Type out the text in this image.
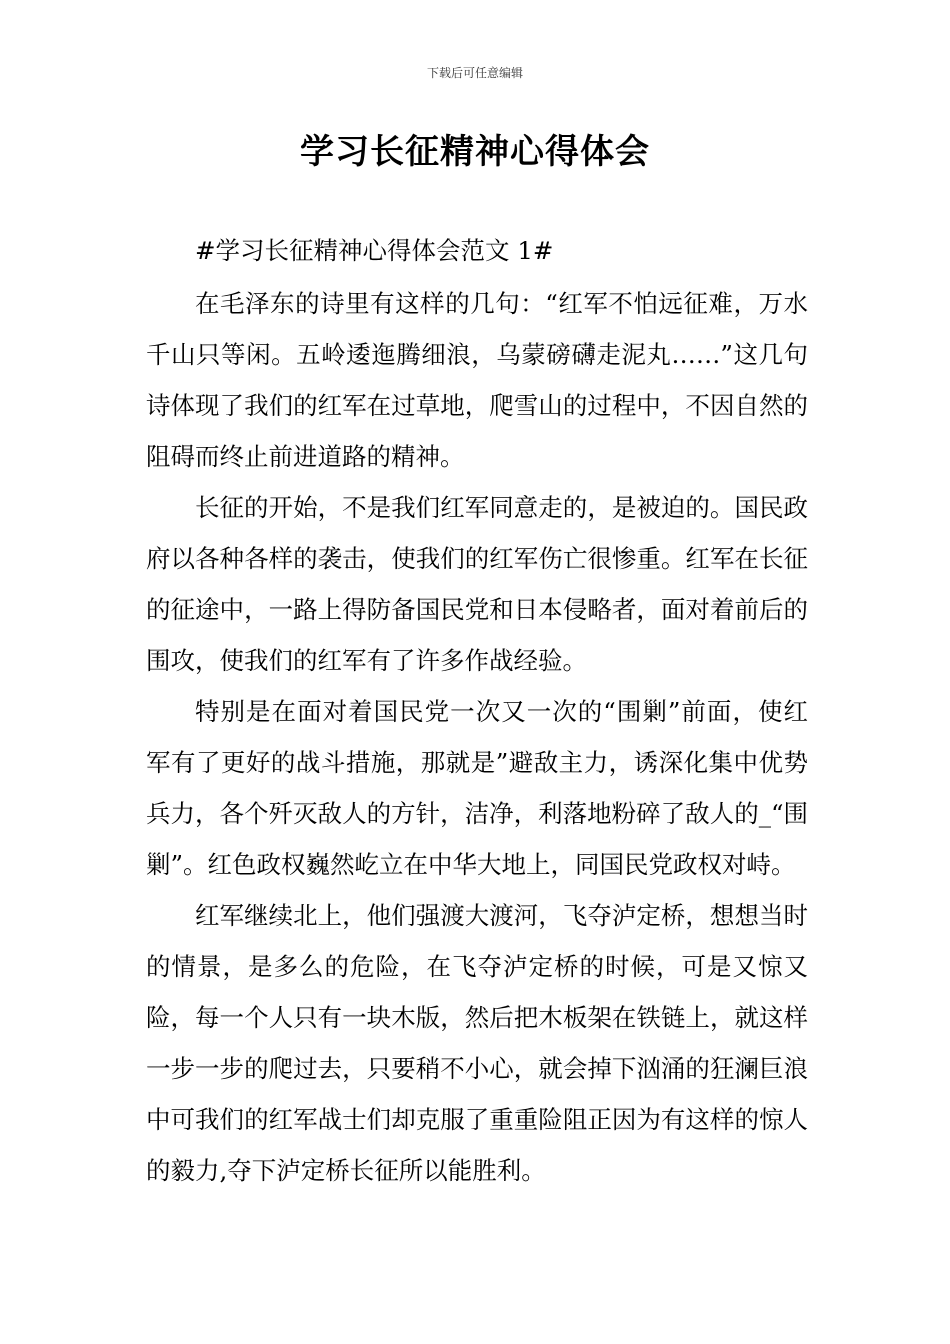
下载后可任意编辑
学习长征精神心得体会

#学习长征精神心得体会范文 1#

在毛泽东的诗里有这样的几句：“红军不怕远征难，万水千山只等闲。五岭逶迤腾细浪，乌蒙磅礴走泥丸……”这几句诗体现了我们的红军在过草地，爬雪山的过程中，不因自然的阻碍而终止前进道路的精神。

长征的开始，不是我们红军同意走的，是被迫的。国民政府以各种各样的袭击，使我们的红军伤亡很惨重。红军在长征的征途中，一路上得防备国民党和日本侵略者，面对着前后的围攻，使我们的红军有了许多作战经验。

特别是在面对着国民党一次又一次的“围剿”前面，使红军有了更好的战斗措施，那就是”避敌主力，诱深化集中优势兵力，各个歼灭敌人的方针，洁净，利落地粉碎了敌人的_“围剿”。红色政权巍然屹立在中华大地上，同国民党政权对峙。

红军继续北上，他们强渡大渡河，飞夺泸定桥，想想当时的情景，是多么的危险，在飞夺泸定桥的时候，可是又惊又险，每一个人只有一块木版，然后把木板架在铁链上，就这样一步一步的爬过去，只要稍不小心，就会掉下汹涌的狂澜巨浪中可我们的红军战士们却克服了重重险阻正因为有这样的惊人的毅力,夺下泸定桥长征所以能胜利。
